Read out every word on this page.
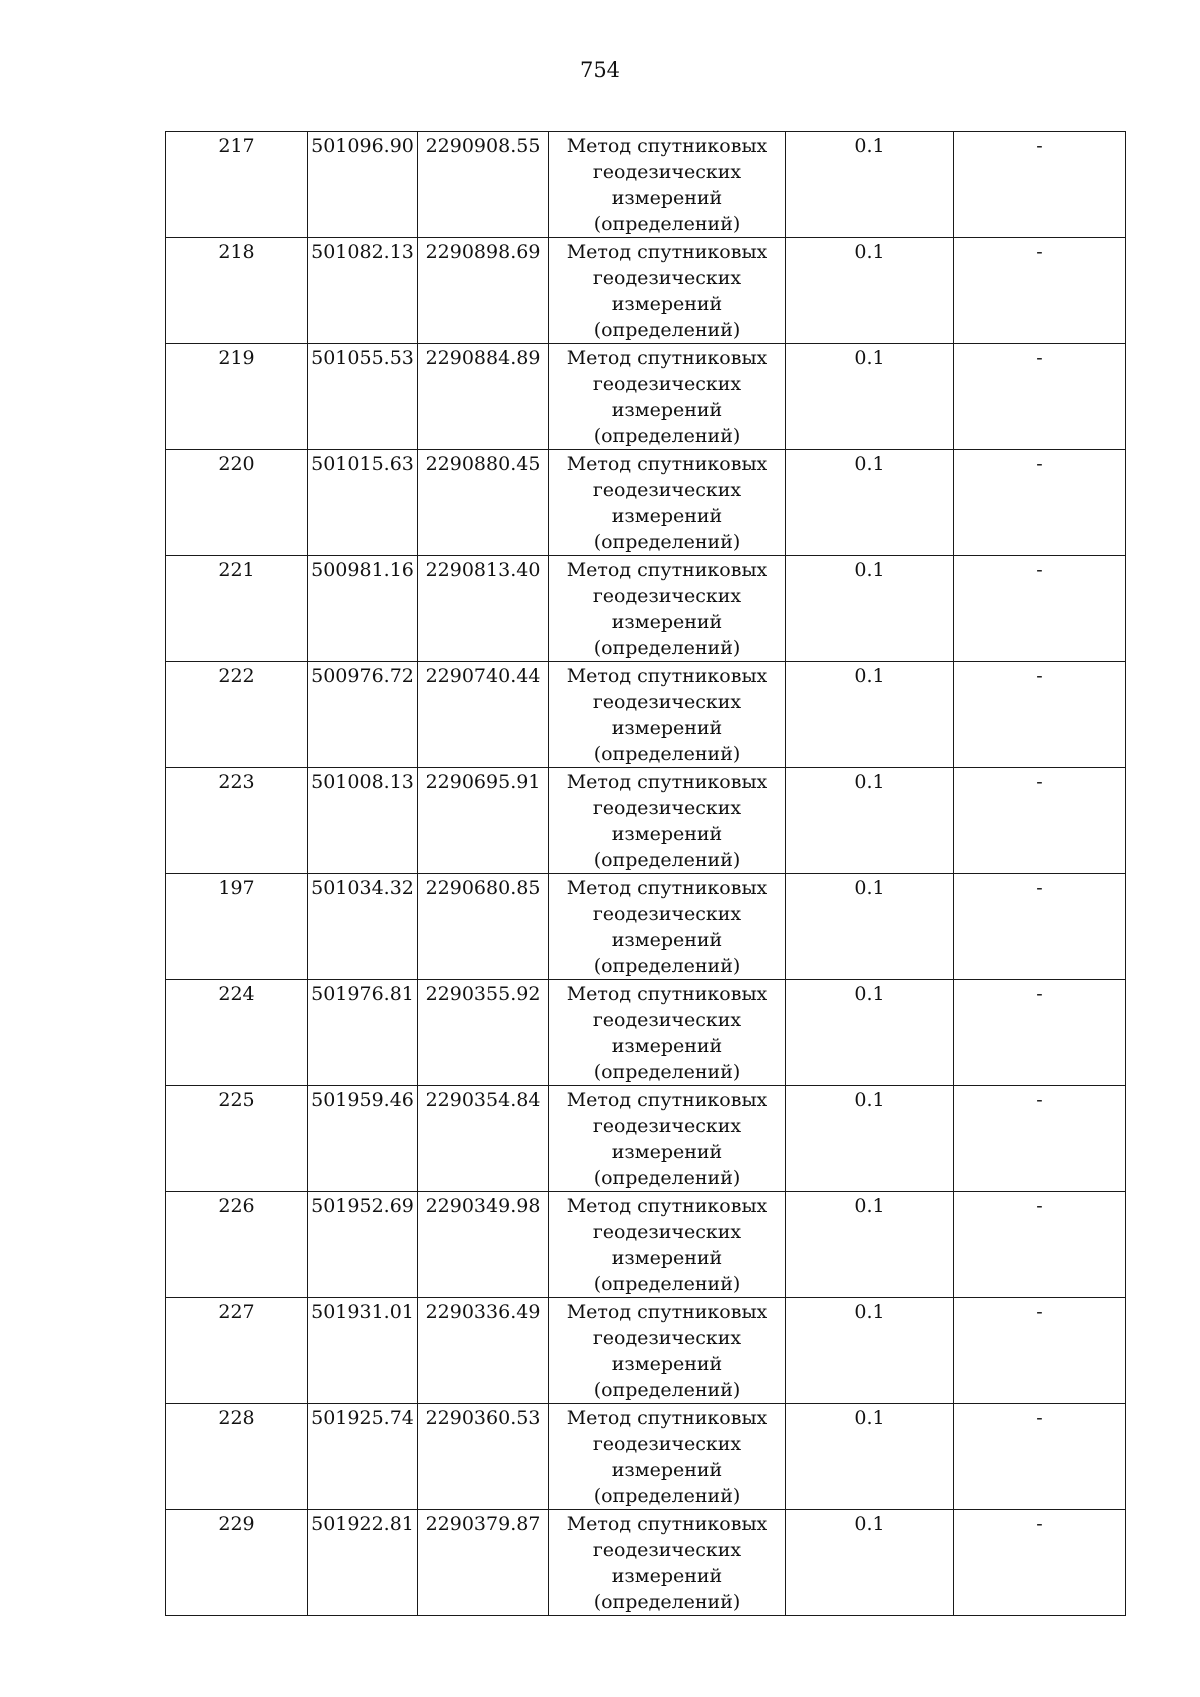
754
217	501096.90	2290908.55	Метод спутниковых
геодезических
измерений
(определений)	0.1	-
218	501082.13	2290898.69	Метод спутниковых
геодезических
измерений
(определений)	0.1	-
219	501055.53	2290884.89	Метод спутниковых
геодезических
измерений
(определений)	0.1	-
220	501015.63	2290880.45	Метод спутниковых
геодезических
измерений
(определений)	0.1	-
221	500981.16	2290813.40	Метод спутниковых
геодезических
измерений
(определений)	0.1	-
222	500976.72	2290740.44	Метод спутниковых
геодезических
измерений
(определений)	0.1	-
223	501008.13	2290695.91	Метод спутниковых
геодезических
измерений
(определений)	0.1	-
197	501034.32	2290680.85	Метод спутниковых
геодезических
измерений
(определений)	0.1	-
224	501976.81	2290355.92	Метод спутниковых
геодезических
измерений
(определений)	0.1	-
225	501959.46	2290354.84	Метод спутниковых
геодезических
измерений
(определений)	0.1	-
226	501952.69	2290349.98	Метод спутниковых
геодезических
измерений
(определений)	0.1	-
227	501931.01	2290336.49	Метод спутниковых
геодезических
измерений
(определений)	0.1	-
228	501925.74	2290360.53	Метод спутниковых
геодезических
измерений
(определений)	0.1	-
229	501922.81	2290379.87	Метод спутниковых
геодезических
измерений
(определений)	0.1	-
